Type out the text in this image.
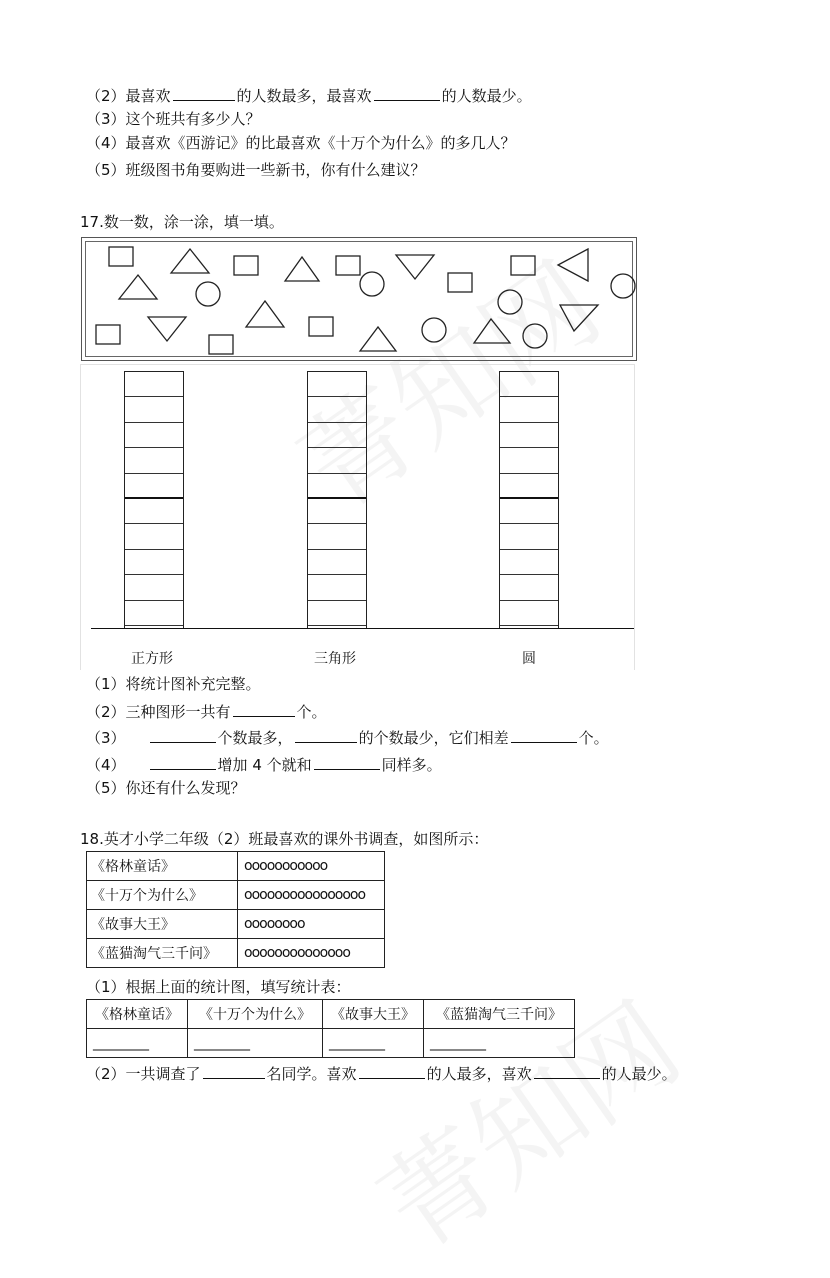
（2）最喜欢	的人数最多，最喜欢	的人数最少。
（3）这个班共有多少人？
（4）最喜欢《西游记》的比最喜欢《十万个为什么》的多几人？
（5）班级图书角要购进一些新书，你有什么建议？
17.数一数，涂一涂，填一填。
正方形	三角形	圆
（1）将统计图补充完整。
（2）三种图形一共有	个。
（3）	个数最多，	的个数最少，它们相差	个。
（4）	增加 4 个就和	同样多。
（5）你还有什么发现？
18.英才小学二年级（2）班最喜欢的课外书调查，如图所示：
《格林童话》	ooooooooooo
《十万个为什么》	oooooooooooooooo
《故事大王》	oooooooo
《蓝猫淘气三千问》	oooooooooooooo
（1）根据上面的统计图，填写统计表：
《格林童话》	《十万个为什么》	《故事大王》	《蓝猫淘气三千问》
________	________	________	________
（2）一共调查了	名同学。喜欢	的人最多，喜欢	的人最少。
